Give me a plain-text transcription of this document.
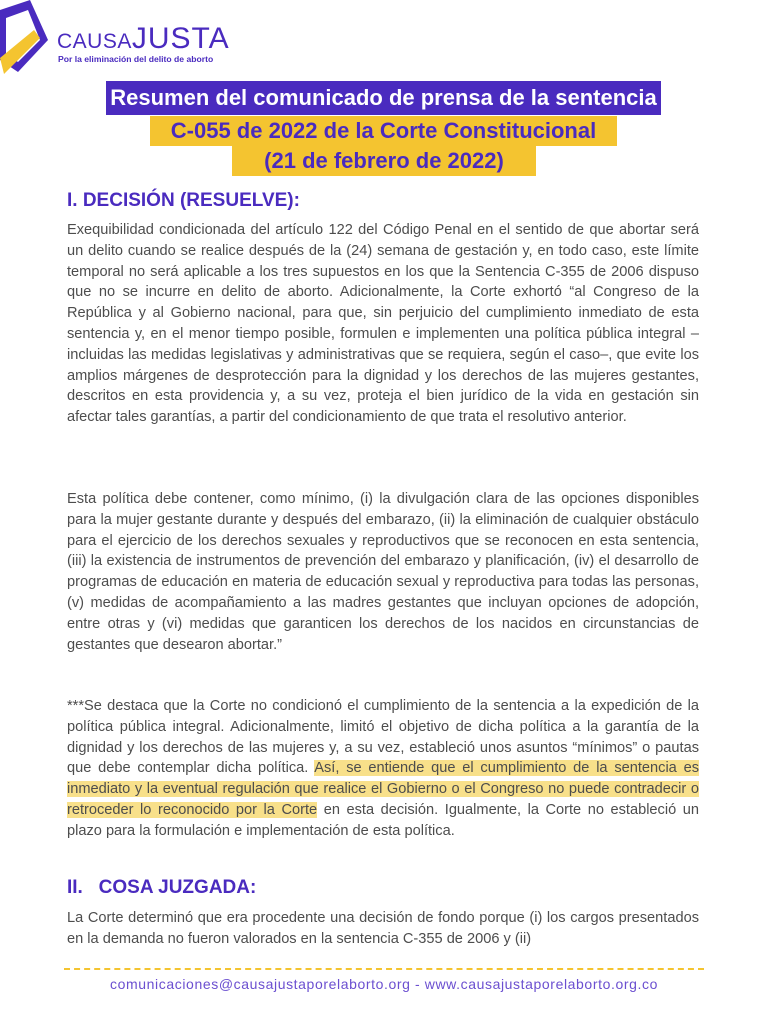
CAUSAJUSTA
Por la eliminación del delito de aborto
Resumen del comunicado de prensa de la sentencia
C-055 de 2022 de la Corte Constitucional
(21 de febrero de 2022)
I. DECISIÓN (RESUELVE):
Exequibilidad condicionada del artículo 122 del Código Penal en el sentido de que abortar será un delito cuando se realice después de la (24) semana de gestación y, en todo caso, este límite temporal no será aplicable a los tres supuestos en los que la Sentencia C-355 de 2006 dispuso que no se incurre en delito de aborto. Adicionalmente, la Corte exhortó “al Congreso de la República y al Gobierno nacional, para que, sin perjuicio del cumplimiento inmediato de esta sentencia y, en el menor tiempo posible, formulen e implementen una política pública integral –incluidas las medidas legislativas y administrativas que se requiera, según el caso–, que evite los amplios márgenes de desprotección para la dignidad y los derechos de las mujeres gestantes, descritos en esta providencia y, a su vez, proteja el bien jurídico de la vida en gestación sin afectar tales garantías, a partir del condicionamiento de que trata el resolutivo anterior.
Esta política debe contener, como mínimo, (i) la divulgación clara de las opciones disponibles para la mujer gestante durante y después del embarazo, (ii) la eliminación de cualquier obstáculo para el ejercicio de los derechos sexuales y reproductivos que se reconocen en esta sentencia, (iii) la existencia de instrumentos de prevención del embarazo y planificación, (iv) el desarrollo de programas de educación en materia de educación sexual y reproductiva para todas las personas, (v) medidas de acompañamiento a las madres gestantes que incluyan opciones de adopción, entre otras y (vi) medidas que garanticen los derechos de los nacidos en circunstancias de gestantes que desearon abortar.”
***Se destaca que la Corte no condicionó el cumplimiento de la sentencia a la expedición de la política pública integral. Adicionalmente, limitó el objetivo de dicha política a la garantía de la dignidad y los derechos de las mujeres y, a su vez, estableció unos asuntos “mínimos” o pautas que debe contemplar dicha política. Así, se entiende que el cumplimiento de la sentencia es inmediato y la eventual regulación que realice el Gobierno o el Congreso no puede contradecir o retroceder lo reconocido por la Corte en esta decisión. Igualmente, la Corte no estableció un plazo para la formulación e implementación de esta política.
II.   COSA JUZGADA:
La Corte determinó que era procedente una decisión de fondo porque (i) los cargos presentados en la demanda no fueron valorados en la sentencia C-355 de 2006 y (ii)
comunicaciones@causajustaporelaborto.org - www.causajustaporelaborto.org.co
